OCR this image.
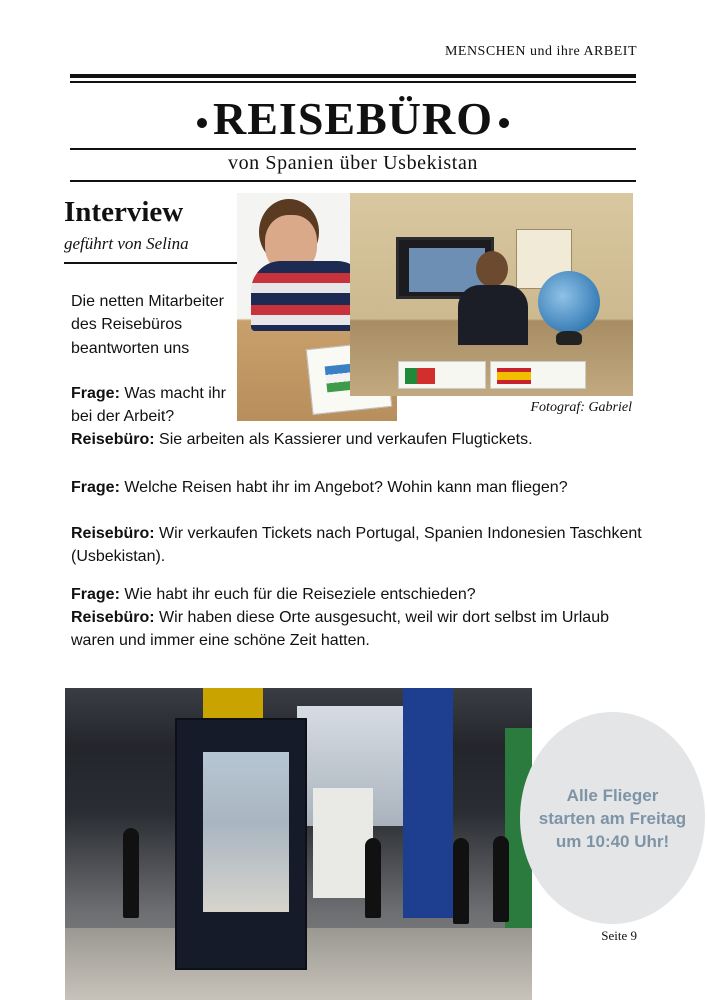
MENSCHEN und ihre ARBEIT
REISEBÜRO
von Spanien über Usbekistan
Interview
geführt von Selina
Fotograf: Gabriel
Die netten Mitarbeiter des Reisebüros beantworten uns
Frage: Was macht ihr bei der Arbeit?
Reisebüro: Sie arbeiten als Kassierer und verkaufen Flugtickets.
Frage: Welche Reisen habt ihr im Angebot? Wohin kann man fliegen?
Reisebüro: Wir verkaufen Tickets nach Portugal, Spanien Indonesien Taschkent (Usbekistan).
Frage: Wie habt ihr euch für die Reiseziele entschieden?
Reisebüro: Wir haben diese Orte ausgesucht, weil wir dort selbst im Urlaub waren und immer eine schöne Zeit hatten.
Alle Flieger starten am Freitag um 10:40 Uhr!
Seite 9
